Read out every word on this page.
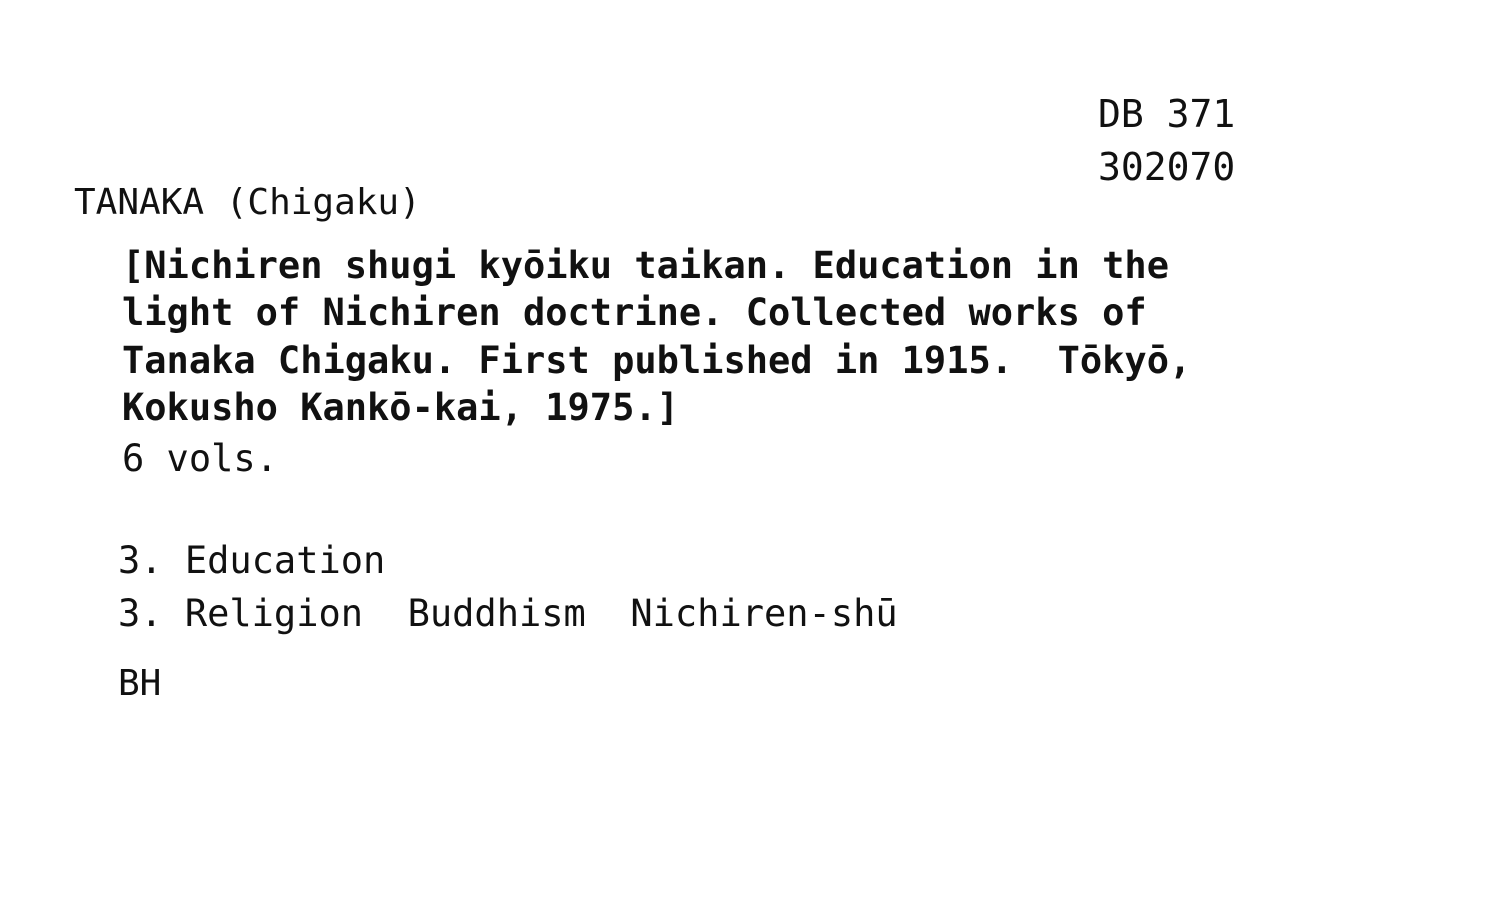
DB 371
302070
TANAKA (Chigaku)
[Nichiren shugi kyōiku taikan. Education in the
light of Nichiren doctrine. Collected works of
Tanaka Chigaku. First published in 1915.  Tōkyō,
Kokusho Kankō-kai, 1975.]
6 vols.
3. Education
3. Religion  Buddhism  Nichiren-shū
BH
